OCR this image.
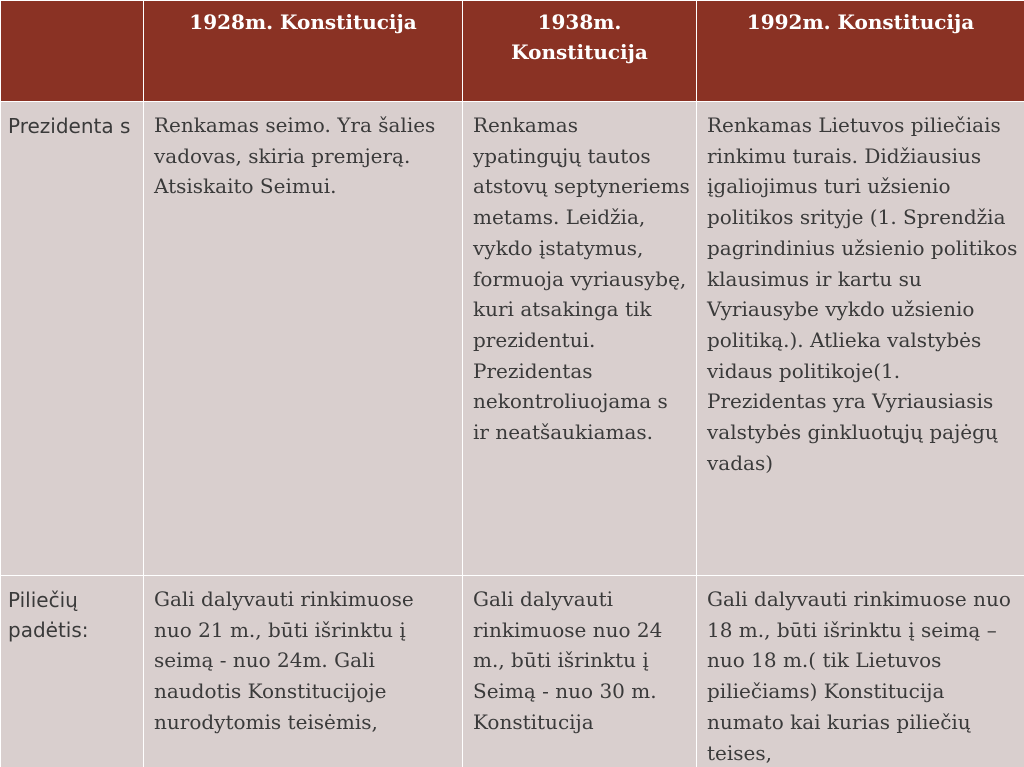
	1928m. Konstitucija	1938m. Konstitucija	1992m. Konstitucija

Prezidenta s	Renkamas seimo. Yra šalies vadovas, skiria premjerą. Atsiskaito Seimui.	Renkamas ypatingųjų tautos atstovų septyneriems metams. Leidžia, vykdo įstatymus, formuoja vyriausybę, kuri atsakinga tik prezidentui. Prezidentas nekontroliuojama s ir neatšaukiamas.	Renkamas Lietuvos piliečiais rinkimu turais. Didžiausius įgaliojimus turi užsienio politikos srityje (1. Sprendžia pagrindinius užsienio politikos klausimus ir kartu su Vyriausybe vykdo užsienio politiką.). Atlieka valstybės vidaus politikoje(1. Prezidentas yra Vyriausiasis valstybės ginkluotųjų pajėgų vadas)

Piliečių padėtis:	Gali dalyvauti rinkimuose nuo 21 m., būti išrinktu į seimą - nuo 24m. Gali naudotis Konstitucijoje nurodytomis teisėmis,	Gali dalyvauti rinkimuose nuo 24 m., būti išrinktu į Seimą - nuo 30 m. Konstitucija	Gali dalyvauti rinkimuose nuo 18 m., būti išrinktu į seimą – nuo 18 m.( tik Lietuvos piliečiams) Konstitucija numato kai kurias piliečių teises,
